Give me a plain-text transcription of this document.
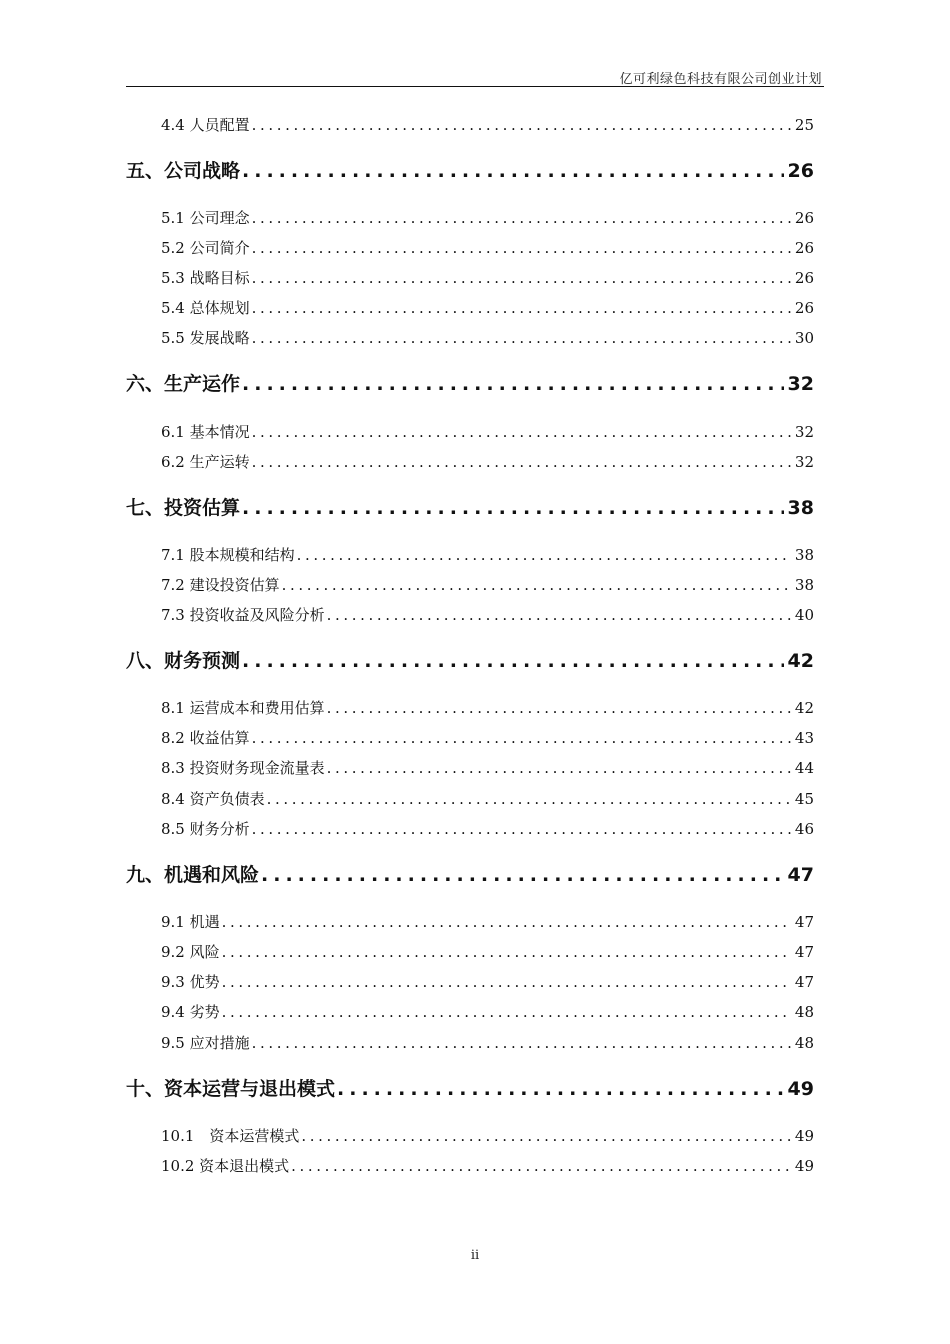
亿可利绿色科技有限公司创业计划
4.4 人员配置 .....	25
五、公司战略 .....	26
5.1 公司理念 .....	26
5.2 公司简介 .....	26
5.3 战略目标 .....	26
5.4 总体规划 .....	26
5.5 发展战略 .....	30
六、生产运作 .....	32
6.1 基本情况 .....	32
6.2 生产运转 .....	32
七、投资估算 .....	38
7.1 股本规模和结构 .....	38
7.2 建设投资估算 .....	38
7.3 投资收益及风险分析 .....	40
八、财务预测 .....	42
8.1 运营成本和费用估算 .....	42
8.2 收益估算 .....	43
8.3 投资财务现金流量表 .....	44
8.4 资产负债表 .....	45
8.5 财务分析 .....	46
九、机遇和风险 .....	47
9.1 机遇 .....	47
9.2 风险 .....	47
9.3 优势 .....	47
9.4 劣势 .....	48
9.5 应对措施 .....	48
十、资本运营与退出模式 .....	49
10.1　资本运营模式 .....	49
10.2 资本退出模式 .....	49
ii
